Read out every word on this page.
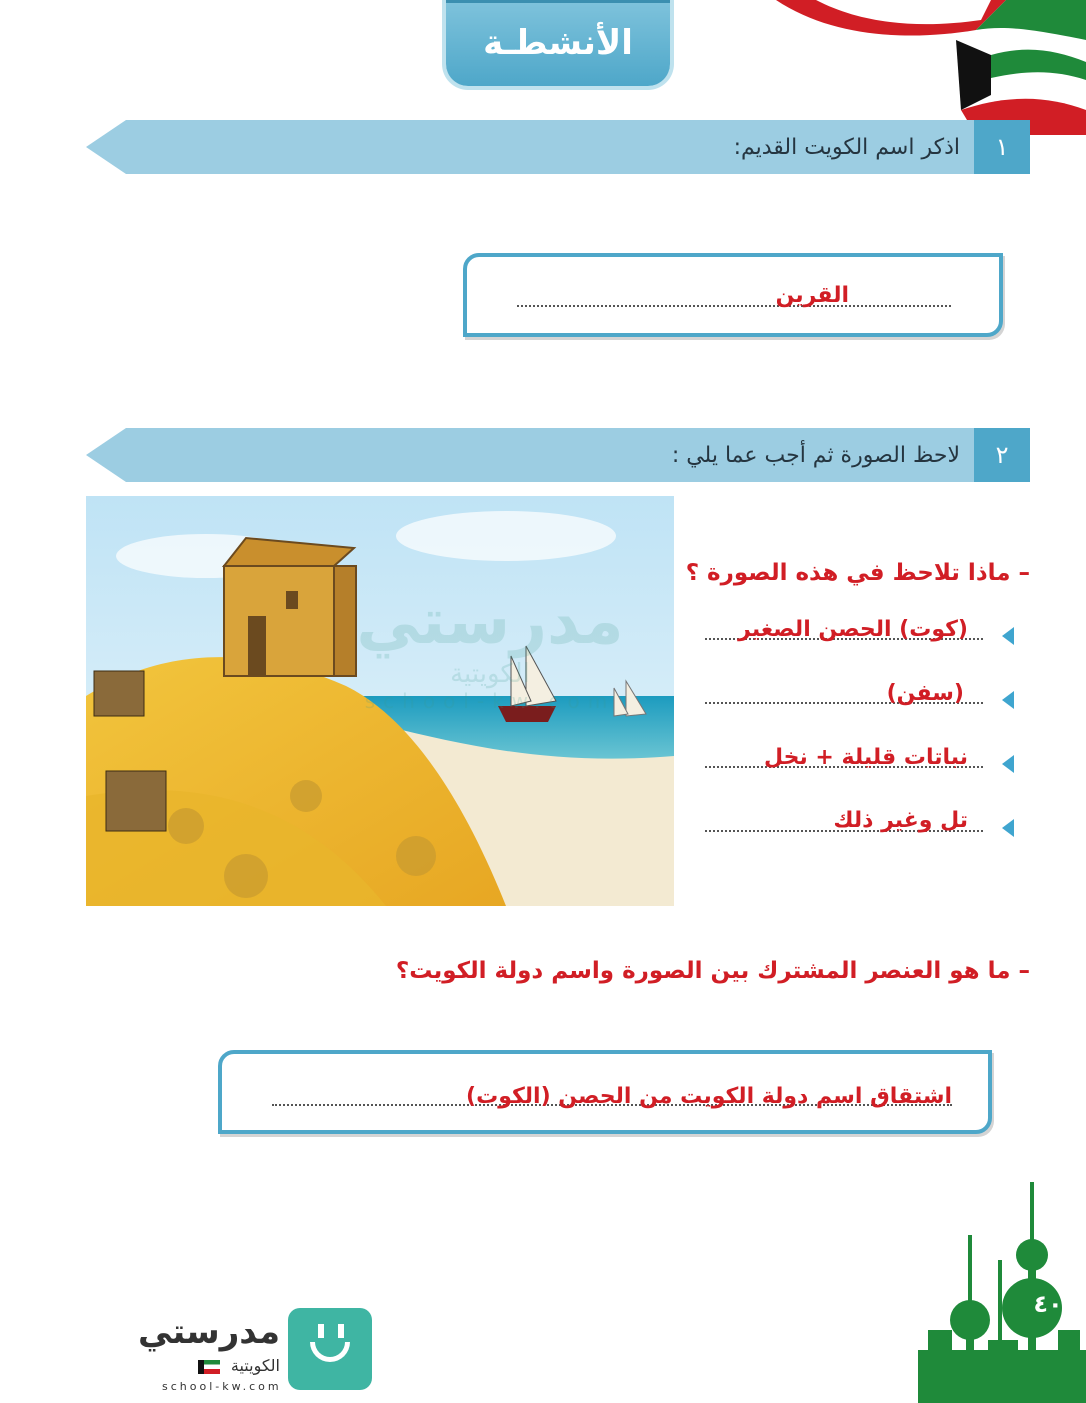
الأنشطـة
١
اذكر اسم الكويت القديم:
القرين
٢
لاحظ الصورة ثم أجب عما يلي :
مدرستي
الكويتية
school-kw.com
–ماذا تلاحظ في هذه الصورة ؟
(كوت) الحصن الصغير
(سفن)
نباتات قليلة + نخل
تل وغير ذلك
–ما هو العنصر المشترك بين الصورة واسم دولة الكويت؟
اشتقاق اسم دولة الكويت من الحصن (الكوت)
مدرستي
الكويتية
school-kw.com
٤٠
